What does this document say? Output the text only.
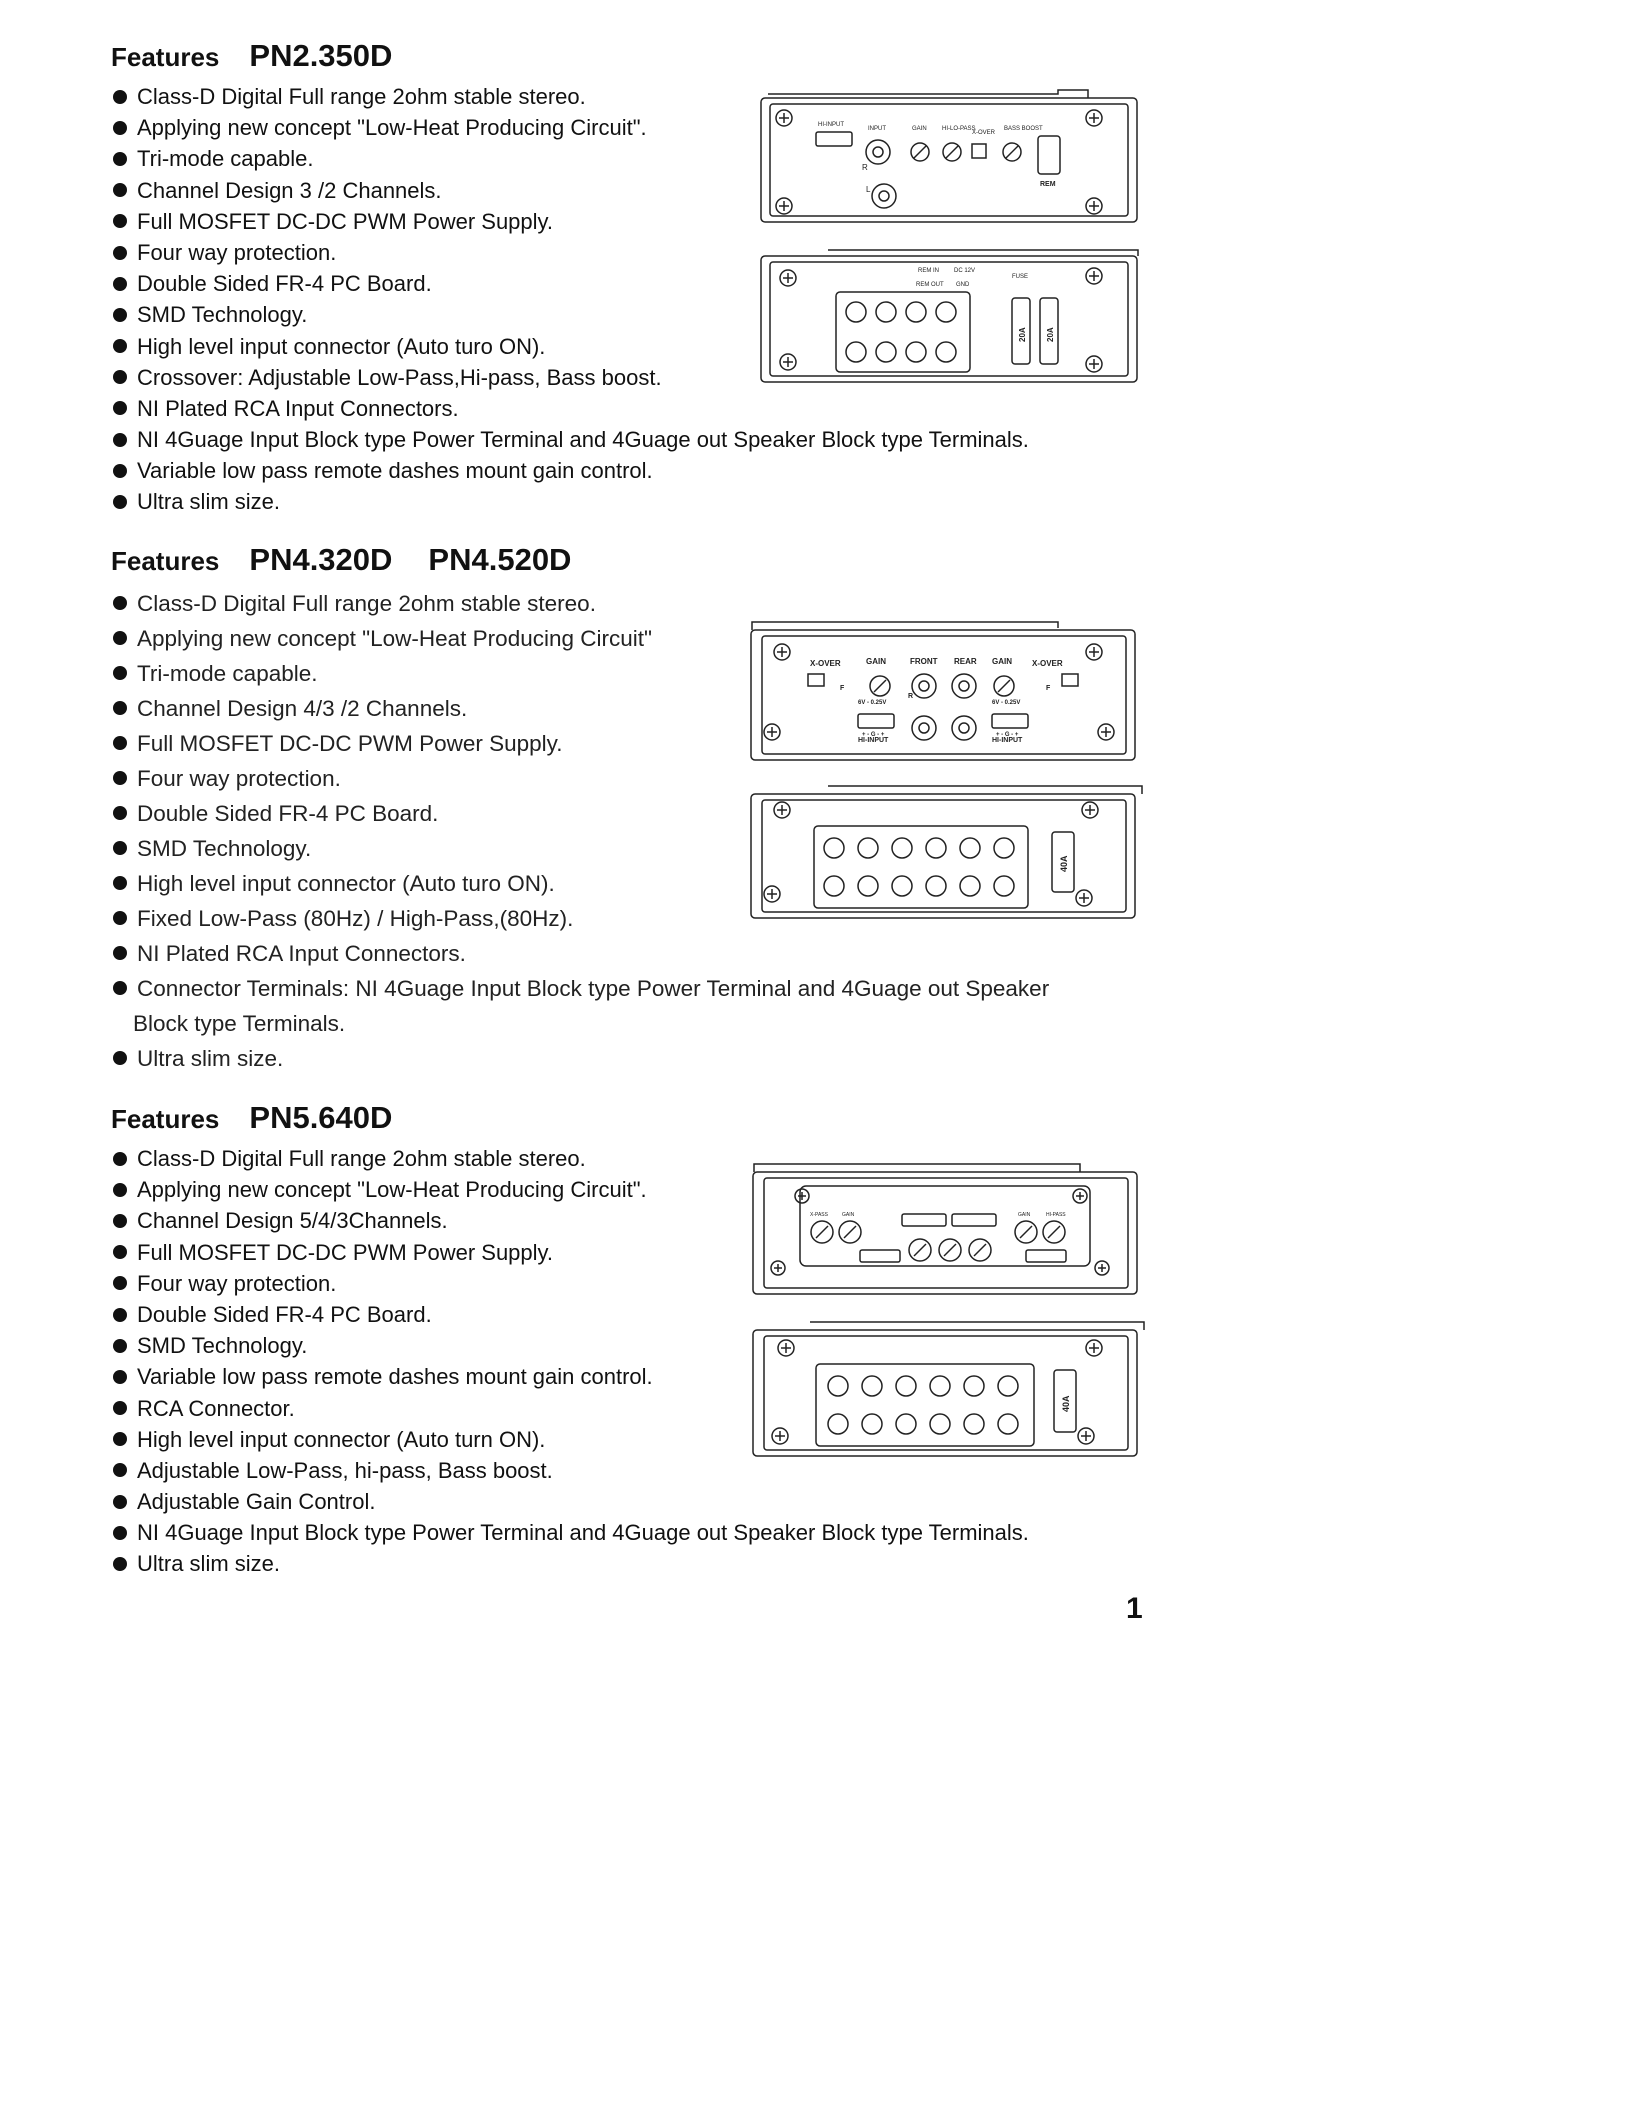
Features PN2.350D
Class-D Digital Full range 2ohm stable stereo.
Applying new concept "Low-Heat Producing Circuit".
Tri-mode capable.
Channel Design 3 /2 Channels.
Full MOSFET DC-DC PWM Power Supply.
Four way protection.
Double Sided FR-4 PC Board.
SMD Technology.
High level input connector (Auto turo ON).
Crossover: Adjustable Low-Pass,Hi-pass, Bass boost.
NI Plated RCA Input Connectors.
NI 4Guage Input Block type Power Terminal and 4Guage out Speaker Block type Terminals.
Variable low pass remote dashes mount gain control.
Ultra slim size.
Features PN4.320D PN4.520D
Class-D Digital Full range 2ohm stable stereo.
Applying new concept "Low-Heat Producing Circuit"
Tri-mode capable.
Channel Design 4/3 /2 Channels.
Full MOSFET DC-DC PWM Power Supply.
Four way protection.
Double Sided FR-4 PC Board.
SMD Technology.
High level input connector (Auto turo ON).
Fixed Low-Pass (80Hz) / High-Pass,(80Hz).
NI Plated RCA Input Connectors.
Connector Terminals: NI 4Guage Input Block type Power Terminal and 4Guage out Speaker
Block type Terminals.
Ultra slim size.
Features PN5.640D
Class-D Digital Full range 2ohm stable stereo.
Applying new concept "Low-Heat Producing Circuit".
Channel Design 5/4/3Channels.
Full MOSFET DC-DC PWM Power Supply.
Four way protection.
Double Sided FR-4 PC Board.
SMD Technology.
Variable low pass remote dashes mount gain control.
RCA Connector.
High level input connector (Auto turn ON).
Adjustable Low-Pass, hi-pass, Bass boost.
Adjustable Gain Control.
NI 4Guage Input Block type Power Terminal and 4Guage out Speaker Block type Terminals.
Ultra slim size.
HI-INPUT
INPUT	GAIN	HI-LO-PASS
X-OVER
BASS BOOST
REM
R
L
REM IN	DC 12V
REM OUT GND
FUSE
20A 20A
X-OVER	GAIN	FRONT REAR GAIN	X-OVER
6V - 0.25V	6V - 0.25V
HI-INPUT	HI-INPUT
+ - G - +	+ - G - +
F	F
R
40A
X-PASS	GAIN	GAIN	HI-PASS
40A
1
